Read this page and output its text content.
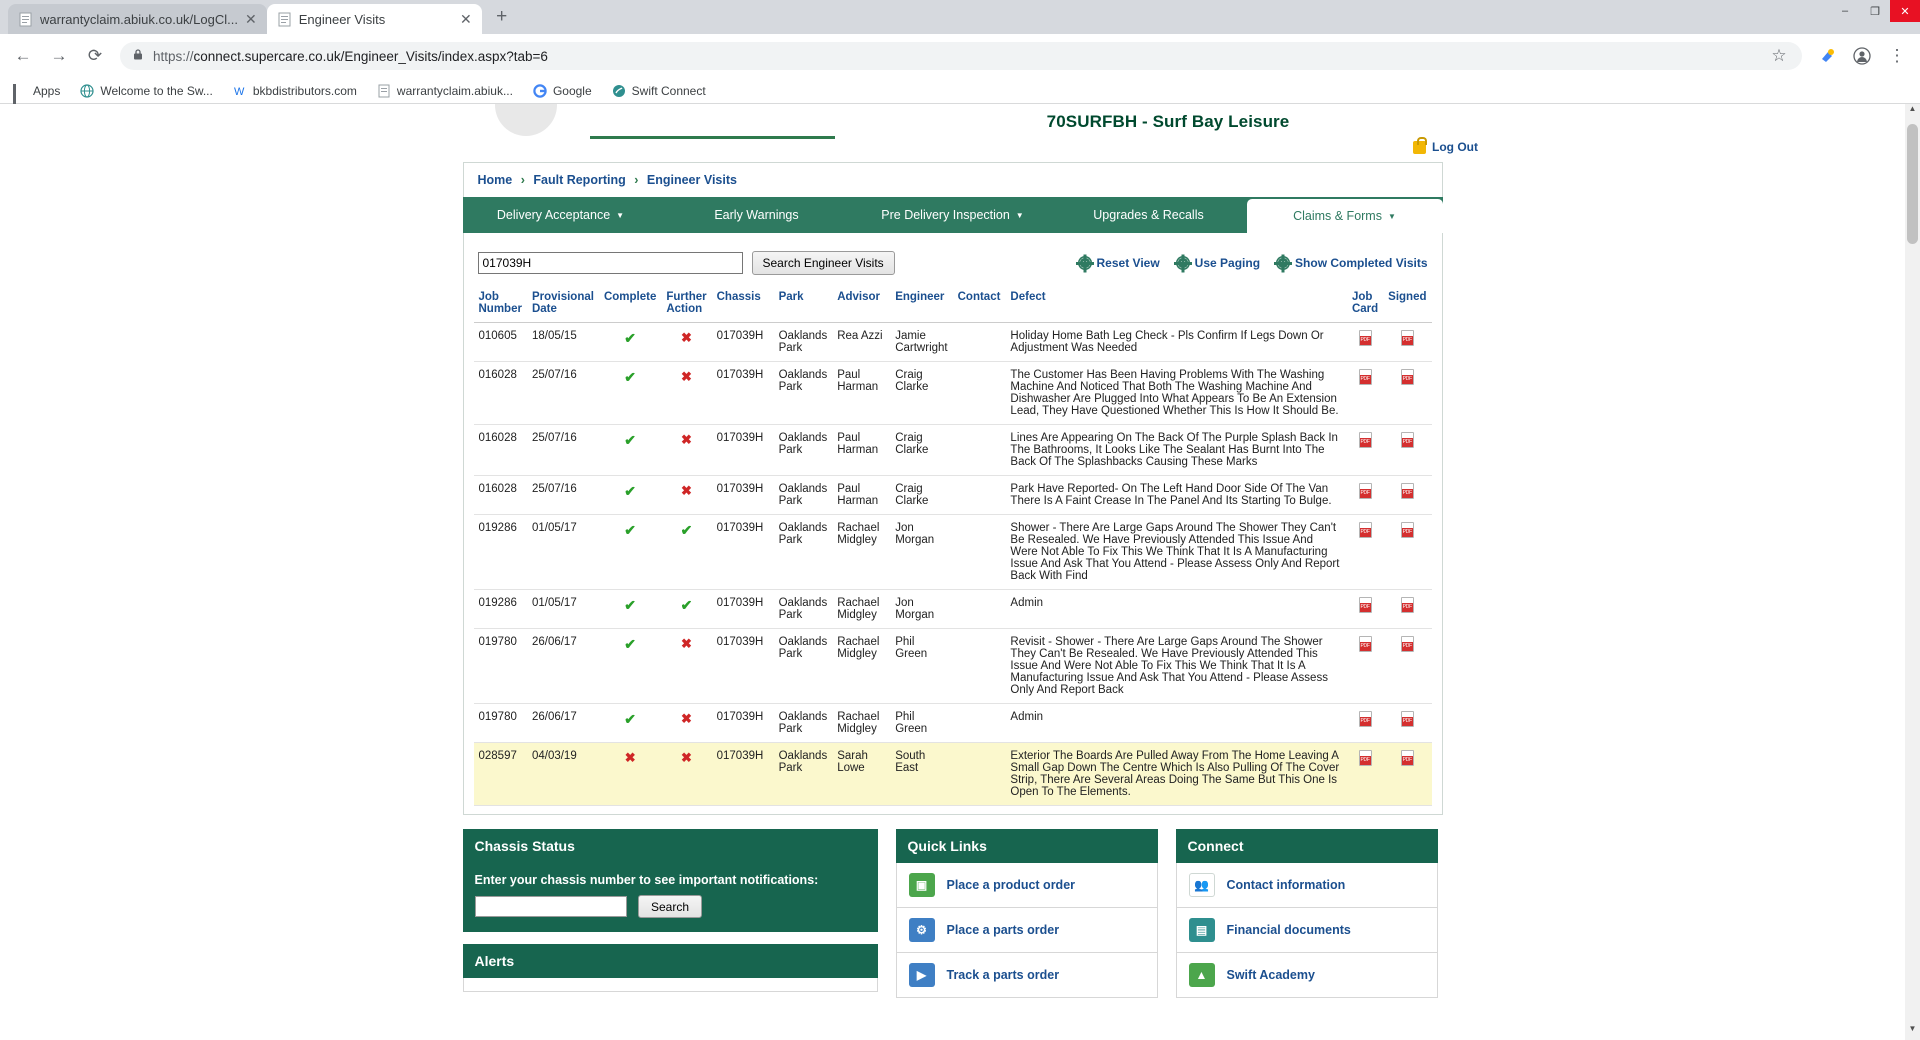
warrantyclaim.abiuk.co.uk/LogCl... ✕	Engineer Visits	✕	+	–	❐	✕
← → ⟳	https://connect.supercare.co.uk/Engineer_Visits/index.aspx?tab=6	☆	⋮
Apps	Welcome to the Sw... W bkbdistributors.com	warrantyclaim.abiuk...	Google	Swift Connect
70SURFBH - Surf Bay Leisure
Log Out
Home › Fault Reporting › Engineer Visits
Delivery Acceptance ▼	Early Warnings	Pre Delivery Inspection ▼	Upgrades & Recalls	Claims & Forms ▼
017039H
Search Engineer Visits	Reset View	Use Paging	Show Completed Visits
Job Number	Provisional Date	Complete	Further Action	Chassis	Park	Advisor	Engineer	Contact	Defect	Job Card	Signed
010605	18/05/15	✔	✖	017039H	Oaklands Park	Rea Azzi	Jamie Cartwright		Holiday Home Bath Leg Check - Pls Confirm If Legs Down Or Adjustment Was Needed	PDF	PDF
016028	25/07/16	✔	✖	017039H	Oaklands Park	Paul Harman	Craig Clarke		The Customer Has Been Having Problems With The Washing Machine And Noticed That Both The Washing Machine And Dishwasher Are Plugged Into What Appears To Be An Extension Lead, They Have Questioned Whether This Is How It Should Be.	PDF	PDF
016028	25/07/16	✔	✖	017039H	Oaklands Park	Paul Harman	Craig Clarke		Lines Are Appearing On The Back Of The Purple Splash Back In The Bathrooms, It Looks Like The Sealant Has Burnt Into The Back Of The Splashbacks Causing These Marks	PDF	PDF
016028	25/07/16	✔	✖	017039H	Oaklands Park	Paul Harman	Craig Clarke		Park Have Reported- On The Left Hand Door Side Of The Van There Is A Faint Crease In The Panel And Its Starting To Bulge.	PDF	PDF
019286	01/05/17	✔	✔	017039H	Oaklands Park	Rachael Midgley	Jon Morgan		Shower - There Are Large Gaps Around The Shower They Can't Be Resealed. We Have Previously Attended This Issue And Were Not Able To Fix This We Think That It Is A Manufacturing Issue And Ask That You Attend - Please Assess Only And Report Back With Find	PDF	PDF
019286	01/05/17	✔	✔	017039H	Oaklands Park	Rachael Midgley	Jon Morgan		Admin	PDF	PDF
019780	26/06/17	✔	✖	017039H	Oaklands Park	Rachael Midgley	Phil Green		Revisit - Shower - There Are Large Gaps Around The Shower They Can't Be Resealed. We Have Previously Attended This Issue And Were Not Able To Fix This We Think That It Is A Manufacturing Issue And Ask That You Attend - Please Assess Only And Report Back	PDF	PDF
019780	26/06/17	✔	✖	017039H	Oaklands Park	Rachael Midgley	Phil Green		Admin	PDF	PDF
028597	04/03/19	✖	✖	017039H	Oaklands Park	Sarah Lowe	South East		Exterior The Boards Are Pulled Away From The Home Leaving A Small Gap Down The Centre Which Is Also Pulling Of The Cover Strip, There Are Several Areas Doing The Same But This One Is Open To The Elements.	PDF	PDF
Chassis Status
Enter your chassis number to see important notifications:
Search
Alerts
Quick Links
▣	Place a product order
⚙	Place a parts order
▶	Track a parts order
Connect
👥	Contact information
▤	Financial documents
▲	Swift Academy
▲
▼
